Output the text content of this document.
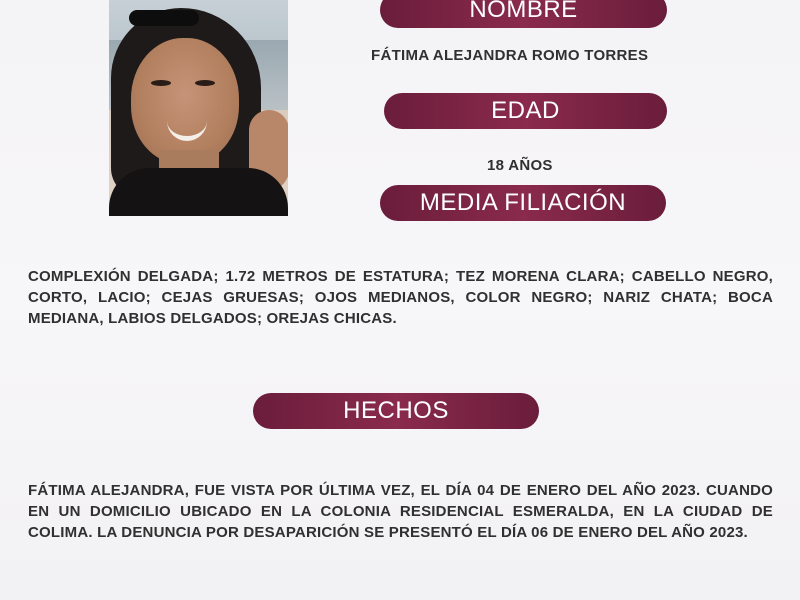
NOMBRE
FÁTIMA ALEJANDRA ROMO TORRES
EDAD
18 AÑOS
MEDIA FILIACIÓN
COMPLEXIÓN DELGADA; 1.72 METROS DE ESTATURA; TEZ MORENA CLARA; CABELLO NEGRO, CORTO, LACIO; CEJAS GRUESAS; OJOS MEDIANOS, COLOR NEGRO; NARIZ CHATA; BOCA MEDIANA, LABIOS DELGADOS; OREJAS CHICAS.
HECHOS
FÁTIMA ALEJANDRA, FUE VISTA POR ÚLTIMA VEZ, EL DÍA 04 DE ENERO DEL AÑO 2023. CUANDO EN UN DOMICILIO UBICADO EN LA COLONIA RESIDENCIAL ESMERALDA, EN LA CIUDAD DE COLIMA. LA DENUNCIA POR DESAPARICIÓN SE PRESENTÓ EL DÍA 06 DE ENERO DEL AÑO 2023.
